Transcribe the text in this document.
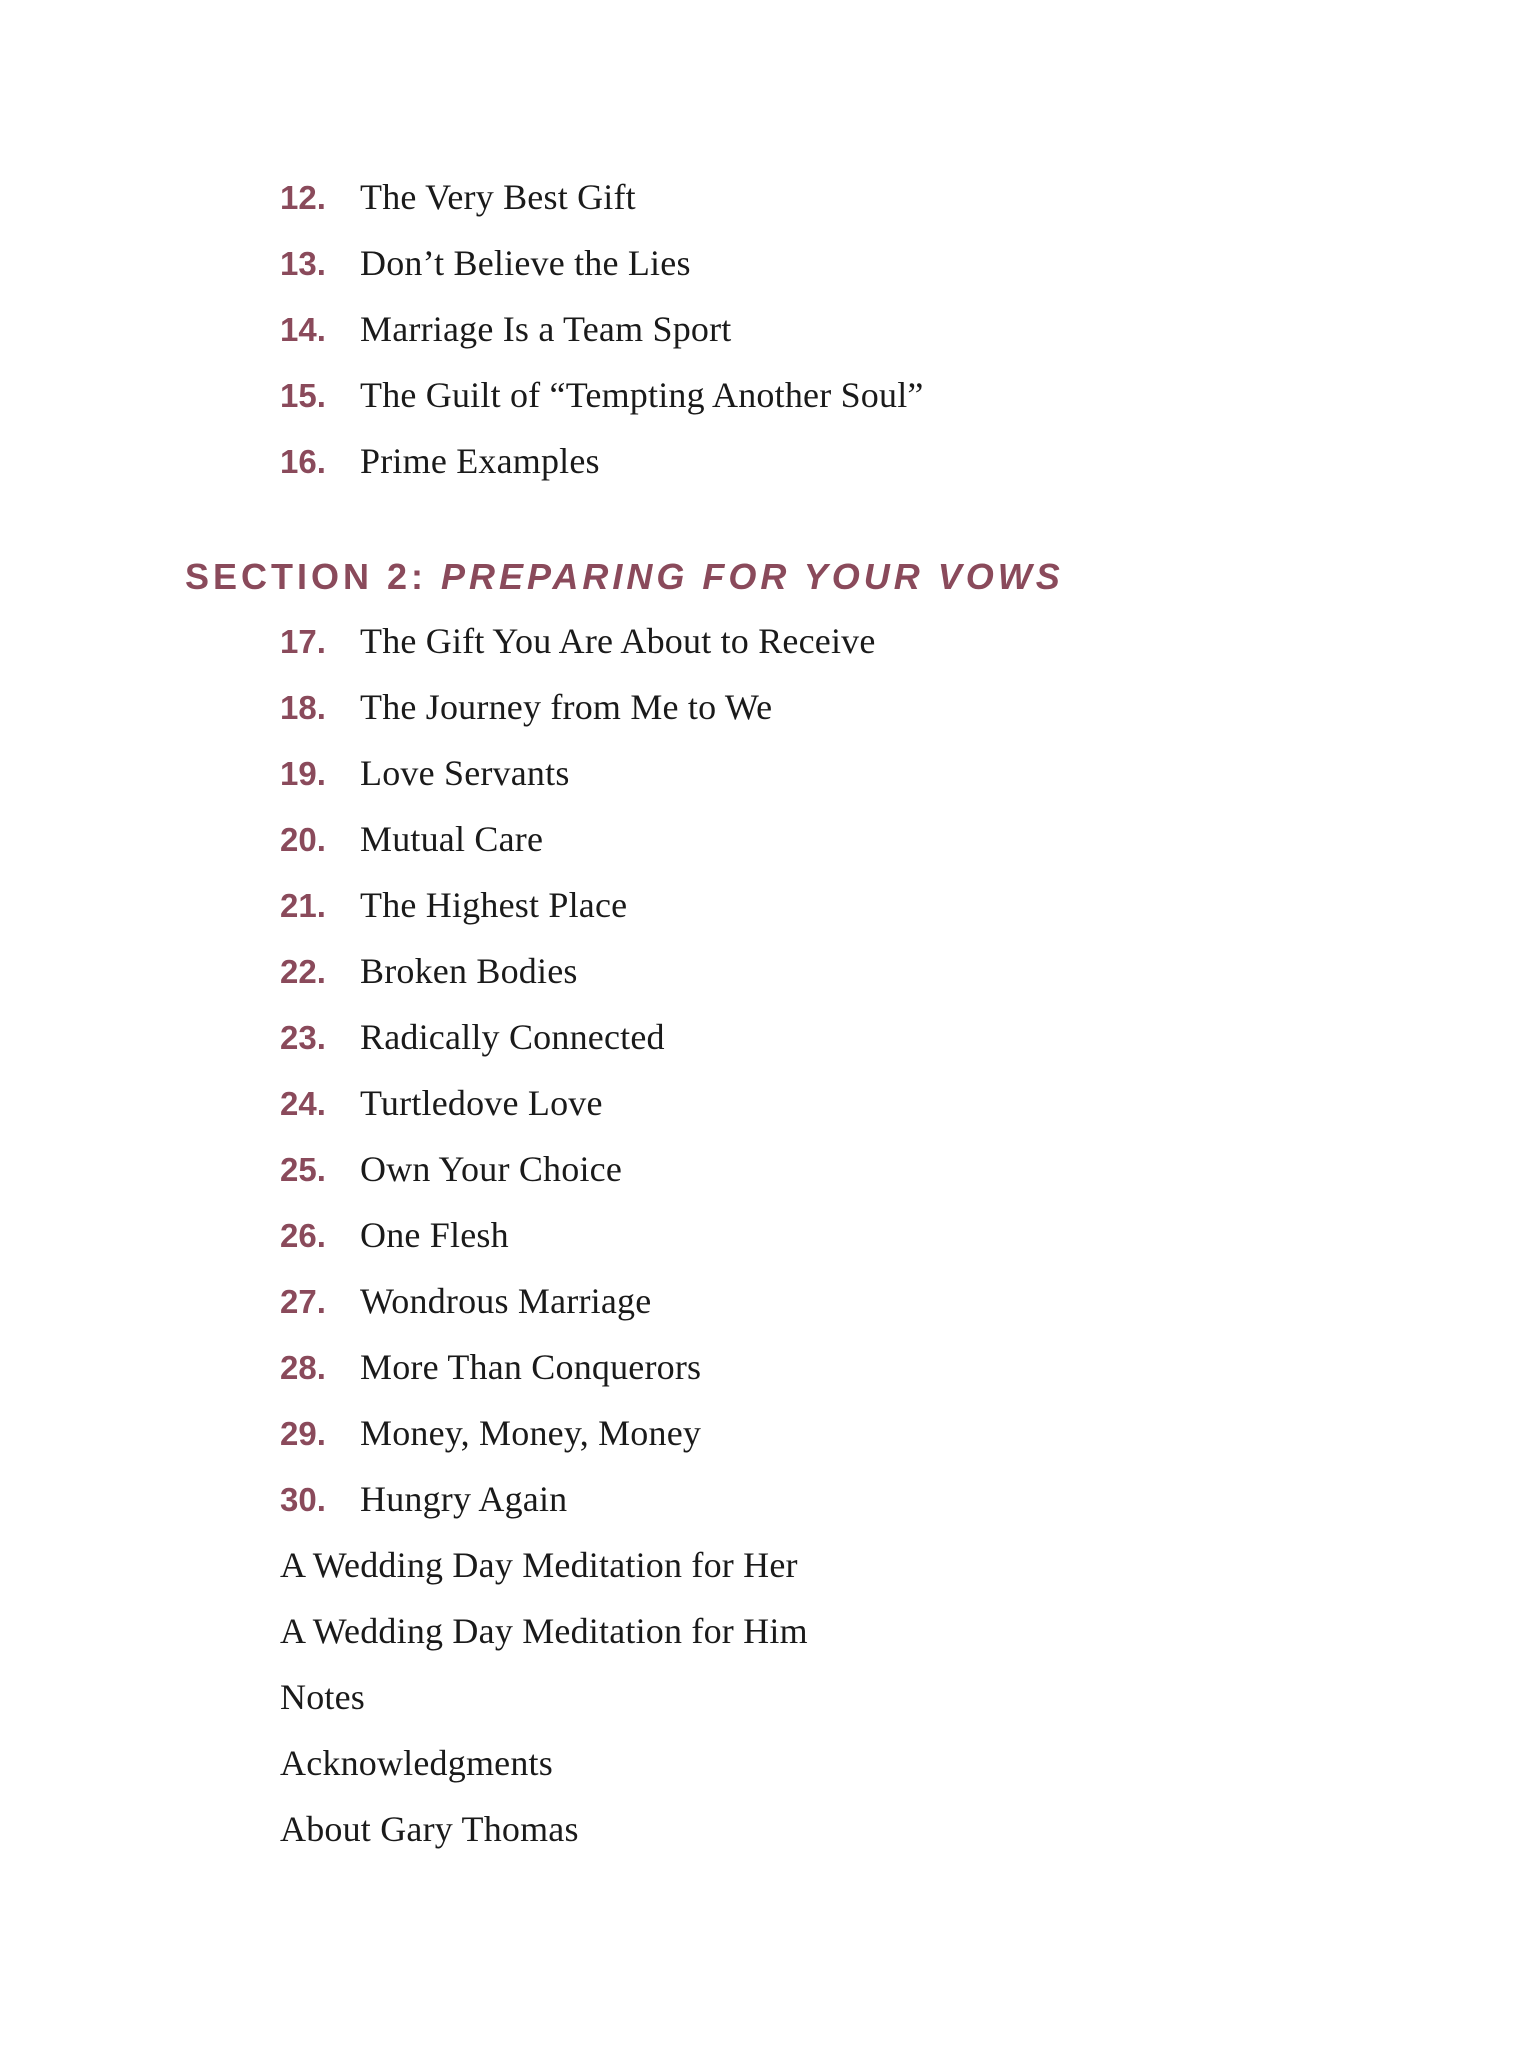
12. The Very Best Gift
13. Don’t Believe the Lies
14. Marriage Is a Team Sport
15. The Guilt of “Tempting Another Soul”
16. Prime Examples
SECTION 2: PREPARING FOR YOUR VOWS
17. The Gift You Are About to Receive
18. The Journey from Me to We
19. Love Servants
20. Mutual Care
21. The Highest Place
22. Broken Bodies
23. Radically Connected
24. Turtledove Love
25. Own Your Choice
26. One Flesh
27. Wondrous Marriage
28. More Than Conquerors
29. Money, Money, Money
30. Hungry Again
A Wedding Day Meditation for Her
A Wedding Day Meditation for Him
Notes
Acknowledgments
About Gary Thomas
